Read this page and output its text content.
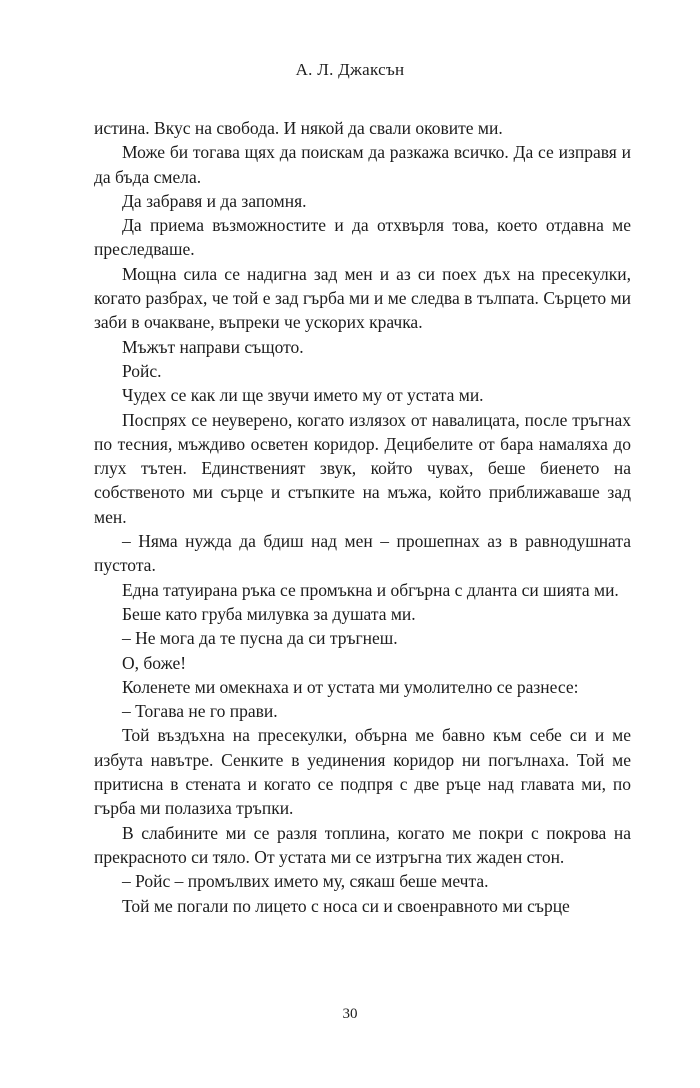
А. Л. Джаксън

истина. Вкус на свобода. И някой да свали оковите ми.

Може би тогава щях да поискам да разкажа всичко. Да се изправя и да бъда смела.

Да забравя и да запомня.

Да приема възможностите и да отхвърля това, което отдавна ме преследваше.

Мощна сила се надигна зад мен и аз си поех дъх на пресекулки, когато разбрах, че той е зад гърба ми и ме следва в тълпата. Сърцето ми заби в очакване, въпреки че ускорих крачка.

Мъжът направи същото.

Ройс.

Чудех се как ли ще звучи името му от устата ми.

Поспрях се неуверено, когато излязох от навалицата, после тръгнах по тесния, мъждиво осветен коридор. Децибелите от бара намаляха до глух тътен. Единственият звук, който чувах, беше биенето на собственото ми сърце и стъпките на мъжа, който приближаваше зад мен.

– Няма нужда да бдиш над мен – прошепнах аз в равнодушната пустота.

Една татуирана ръка се промъкна и обгърна с дланта си шията ми.

Беше като груба милувка за душата ми.

– Не мога да те пусна да си тръгнеш.

О, боже!

Коленете ми омекнаха и от устата ми умолително се разнесе:

– Тогава не го прави.

Той въздъхна на пресекулки, обърна ме бавно към себе си и ме избута навътре. Сенките в уединения коридор ни погълнаха. Той ме притисна в стената и когато се подпря с две ръце над главата ми, по гърба ми полазиха тръпки.

В слабините ми се разля топлина, когато ме покри с покрова на прекрасното си тяло. От устата ми се изтръгна тих жаден стон.

– Ройс – промълвих името му, сякаш беше мечта.

Той ме погали по лицето с носа си и своенравното ми сърце

30
